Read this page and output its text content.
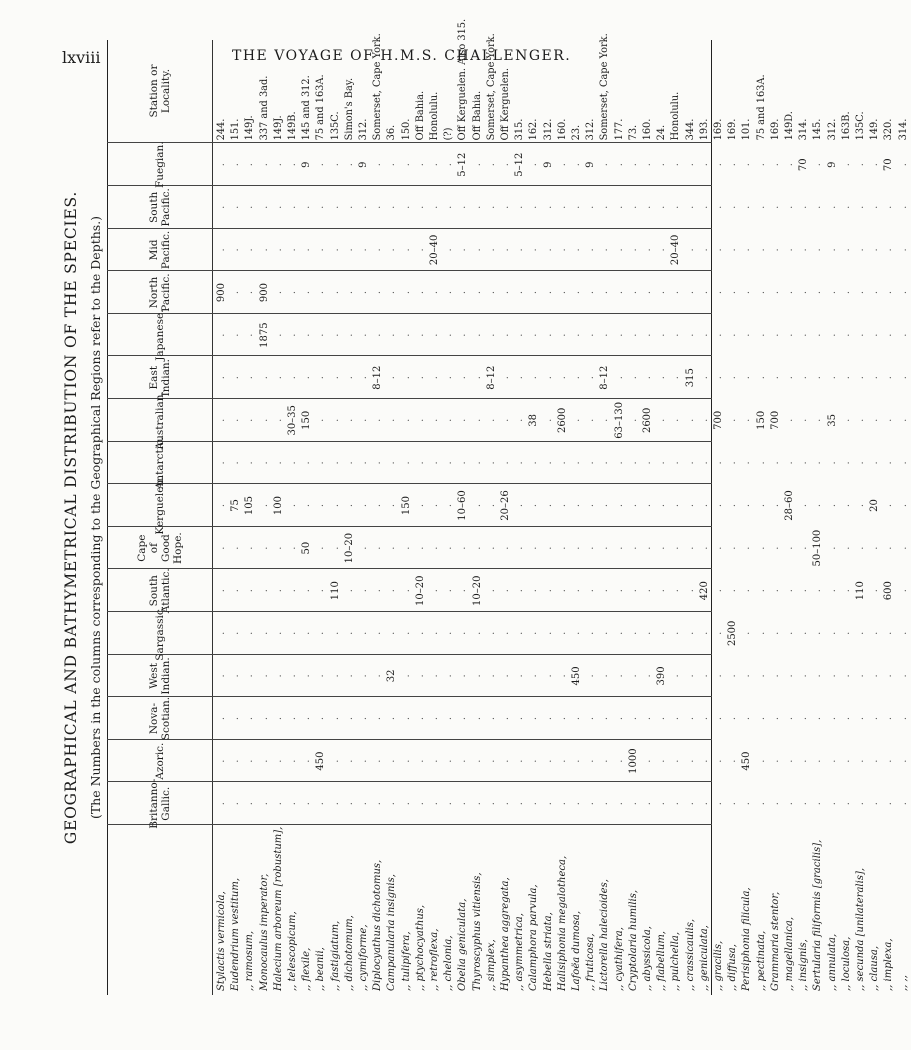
lxviii	THE VOYAGE OF H.M.S. CHALLENGER.
GEOGRAPHICAL AND BATHYMETRICAL DISTRIBUTION OF THE SPECIES. (The Numbers in the columns corresponding to the Geographical Regions refer to the Depths.)
Station or Locality.
Britanno-Gallic.
Azoric.
Nova-Scotian.
West Indian.
Sargassic.
South Atlantic.
Cape of Good Hope.
Kerguelen.
Antarctic.
Australian.
East Indian.
Japanese.
North Pacific.
Mid Pacific.
South Pacific.
Fuegian.
Stylactis vermicola,
.
.
.
.
.
.
.
.
.
.
.
.
900
.
.
.
244.
Eudendrium vestitum,
.
.
.
.
.
.
.
75
.
.
.
.
.
.
.
.
151.
,, ramosum,
.
.
.
.
.
.
.
105
.
.
.
.
.
.
.
.
149J.
Monocaulus imperator,
.
.
.
.
.
.
.
.
.
.
.
1875
900
.
.
.
337 and 3ad.
Halecium arboreum [robustum],
.
.
.
.
.
.
.
100
.
.
.
.
.
.
.
.
149J.
,, telescopicum,
.
.
.
.
.
.
.
.
.
30–35
.
.
.
.
.
.
149B.
,, flexile,
.
.
.
.
.
.
50
.
.
150
.
.
.
.
.
9
145 and 312.
,, beanii,
.
450
.
.
.
.
.
.
.
.
.
.
.
.
.
.
75 and 163A.
,, fastigiatum,
.
.
.
.
.
110
.
.
.
.
.
.
.
.
.
.
135C.
,, dichotomum,
.
.
.
.
.
.
10–20
.
.
.
.
.
.
.
.
.
Simon's Bay.
,, cymiforme,
.
.
.
.
.
.
.
.
.
.
.
.
.
.
.
9
312.
Diplocyathus dichotomus,
.
.
.
.
.
.
.
.
.
.
8–12
.
.
.
.
.
Somerset, Cape York.
Campanularia insignis,
.
.
.
32
.
.
.
.
.
.
.
.
.
.
.
.
36.
,, tulipifera,
.
.
.
.
.
.
.
150
.
.
.
.
.
.
.
.
150.
,, ptychocyathus,
.
.
.
.
.
10–20
.
.
.
.
.
.
.
.
.
.
Off Bahia.
,, retroflexa,
.
.
.
.
.
.
.
.
.
.
.
.
.
20–40
.
.
Honolulu.
,, chelonia,
.
.
.
.
.
.
.
.
.
.
.
.
.
.
.
.
(?)
Obelia geniculata,
.
.
.
.
.
.
.
10–60
.
.
.
.
.
.
.
5–12
Off Kerguelen. Also 315.
Thyroscyphus vitiensis,
.
.
.
.
.
10–20
.
.
.
.
.
.
.
.
.
.
Off Bahia.
,, simplex,
.
.
.
.
.
.
.
.
.
.
8–12
.
.
.
.
.
Somerset, Cape York.
Hypanthea aggregata,
.
.
.
.
.
.
.
20–26
.
.
.
.
.
.
.
.
Off Kerguelen.
,, asymmetrica,
.
.
.
.
.
.
.
.
.
.
.
.
.
.
.
5–12
315.
Calamphora parvula,
.
.
.
.
.
.
.
.
.
38
.
.
.
.
.
.
162.
Hebella striata,
.
.
.
.
.
.
.
.
.
.
.
.
.
.
.
9
312.
Halisiphonia megalotheca,
.
.
.
.
.
.
.
.
.
2600
.
.
.
.
.
.
160.
Lafoëa dumosa,
.
.
.
450
.
.
.
.
.
.
.
.
.
.
.
.
23.
,, fruticosa,
.
.
.
.
.
.
.
.
.
.
.
.
.
.
.
9
312.
Lictorella halecioides,
.
.
.
.
.
.
.
.
.
.
8–12
.
.
.
.
.
Somerset, Cape York.
,, cyathifera,
.
.
.
.
.
.
.
.
.
63–130
.
.
.
.
.
.
177.
Cryptolaria humilis,
.
1000
.
.
.
.
.
.
.
.
.
.
.
.
.
.
73.
,, abyssicola,
.
.
.
.
.
.
.
.
.
2600
.
.
.
.
.
.
160.
,, flabellum,
.
.
.
390
.
.
.
.
.
.
.
.
.
.
.
.
24.
,, pulchella,
.
.
.
.
.
.
.
.
.
.
.
.
.
20–40
.
.
Honolulu.
,, crassicaulis,
.
.
.
.
.
.
.
.
.
.
315
.
.
.
.
.
344.
,, geniculata,
.
.
.
.
.
420
.
.
.
.
.
.
.
.
.
.
193.
,, gracilis,
.
.
.
.
.
.
.
.
.
700
.
.
.
.
.
.
169.
,, diffusa,
.
.
.
.
2500
.
.
.
.
.
.
.
.
.
.
.
169.
Perisiphonia filicula,
.
450
.
.
.
.
.
.
.
.
.
.
.
.
.
.
101.
,, pectinata,
.
.
.
.
.
.
.
.
.
150
.
.
.
.
.
.
75 and 163A.
Grammaria stentor,
.
.
.
.
.
.
.
.
.
700
.
.
.
.
.
.
169.
,, magellanica,
.
.
.
.
.
.
.
28–60
.
.
.
.
.
.
.
.
149D.
,, insignis,
.
.
.
.
.
.
.
.
.
.
.
.
.
.
.
70
314.
Sertularia filiformis [gracilis],
.
.
.
.
.
.
50–100
.
.
.
.
.
.
.
.
.
145.
,, annulata,
.
.
.
.
.
.
.
.
.
35
.
.
.
.
.
9
312.
,, loculosa,
.
.
.
.
.
.
.
.
.
.
.
.
.
.
.
.
163B.
,, secunda [unilateralis],
.
.
.
.
.
110
.
.
.
.
.
.
.
.
.
.
135C.
,, clausa,
.
.
.
.
.
.
.
20
.
.
.
.
.
.
.
.
149.
,, implexa,
.
.
.
.
.
600
.
.
.
.
.
.
.
.
.
70
320.
,, ,,
.
.
.
.
.
.
.
.
.
.
.
.
.
.
.
.
314.
